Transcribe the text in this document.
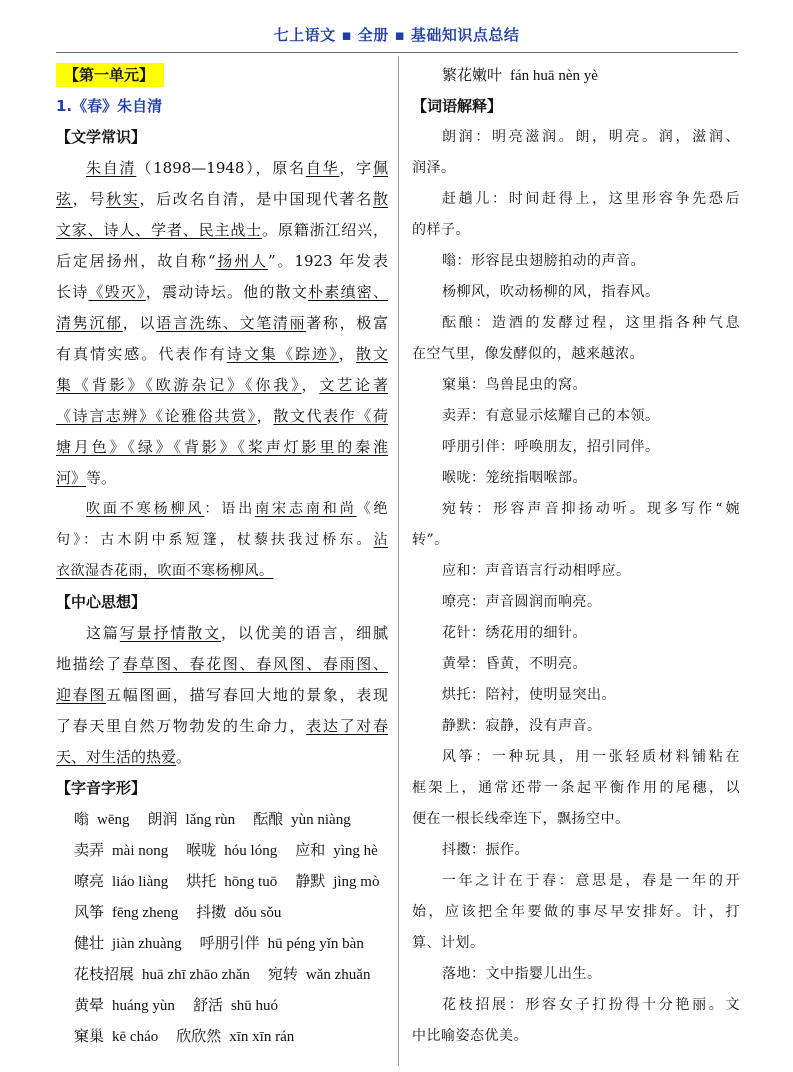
七上语文 ▪ 全册 ▪ 基础知识点总结
【第一单元】
1.《春》朱自清
【文学常识】
朱自清（1898—1948），原名自华，字佩
弦，号秋实，后改名自清，是中国现代著名散
文家、诗人、学者、民主战士。原籍浙江绍兴，
后定居扬州，故自称“扬州人”。1923 年发表
长诗《毁灭》，震动诗坛。他的散文朴素缜密、
清隽沉郁，以语言洗练、文笔清丽著称，极富
有真情实感。代表作有诗文集《踪迹》，散文
集《背影》《欧游杂记》《你我》，文艺论著
《诗言志辨》《论雅俗共赏》，散文代表作《荷
塘月色》《绿》《背影》《桨声灯影里的秦淮
河》等。
吹面不寒杨柳风：语出南宋志南和尚《绝
句》：古木阴中系短篷，杖藜扶我过桥东。沾
衣欲湿杏花雨，吹面不寒杨柳风。
【中心思想】
这篇写景抒情散文，以优美的语言，细腻
地描绘了春草图、春花图、春风图、春雨图、
迎春图五幅图画，描写春回大地的景象，表现
了春天里自然万物勃发的生命力，表达了对春
天、对生活的热爱。
【字音字形】
嗡 wēng 朗润 lǎng rùn 酝酿 yùn niàng
卖弄 mài nong 喉咙 hóu lóng 应和 yìng hè
嘹亮 liáo liàng 烘托 hōng tuō 静默 jìng mò
风筝 fēng zheng 抖擞 dǒu sǒu
健壮 jiàn zhuàng 呼朋引伴 hū péng yǐn bàn
花枝招展 huā zhī zhāo zhǎn 宛转 wǎn zhuǎn
黄晕 huáng yùn 舒活 shū huó
窠巢 kē cháo 欣欣然 xīn xīn rán
繁花嫩叶 fán huā nèn yè
【词语解释】
朗润：明亮滋润。朗，明亮。润，滋润、
润泽。
赶趟儿：时间赶得上，这里形容争先恐后
的样子。
嗡：形容昆虫翅膀拍动的声音。
杨柳风，吹动杨柳的风，指春风。
酝酿：造酒的发酵过程，这里指各种气息
在空气里，像发酵似的，越来越浓。
窠巢：鸟兽昆虫的窝。
卖弄：有意显示炫耀自己的本领。
呼朋引伴：呼唤朋友，招引同伴。
喉咙：笼统指咽喉部。
宛转：形容声音抑扬动听。现多写作“婉
转”。
应和：声音语言行动相呼应。
嘹亮：声音圆润而响亮。
花针：绣花用的细针。
黄晕：昏黄，不明亮。
烘托：陪衬，使明显突出。
静默：寂静，没有声音。
风筝：一种玩具，用一张轻质材料铺粘在
框架上，通常还带一条起平衡作用的尾穗，以
便在一根长线牵连下，飘扬空中。
抖擞：振作。
一年之计在于春：意思是，春是一年的开
始，应该把全年要做的事尽早安排好。计，打
算、计划。
落地：文中指婴儿出生。
花枝招展：形容女子打扮得十分艳丽。文
中比喻姿态优美。
